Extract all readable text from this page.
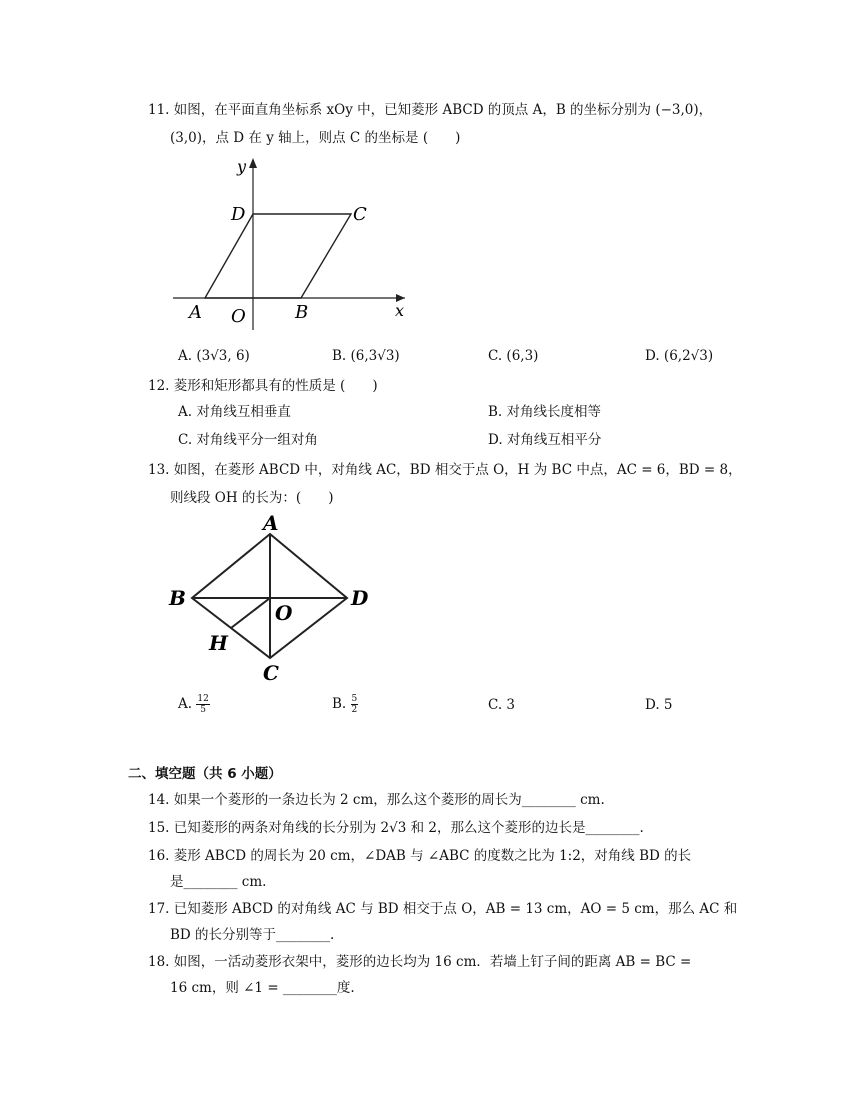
11. 如图，在平面直角坐标系 xOy 中，已知菱形 ABCD 的顶点 A，B 的坐标分别为 (−3,0)，
(3,0)，点 D 在 y 轴上，则点 C 的坐标是 (　　)
y
x
D	C
A O	B
A. (3√3, 6)	B. (6,3√3)	C. (6,3)	D. (6,2√3)
12. 菱形和矩形都具有的性质是 (　　)
A. 对角线互相垂直	B. 对角线长度相等
C. 对角线平分一组对角	D. 对角线互相平分
13. 如图，在菱形 ABCD 中，对角线 AC，BD 相交于点 O，H 为 BC 中点，AC = 6，BD = 8，
则线段 OH 的长为：(　　)
A
B	D
O
H
C
A. $\frac{12}{5}$	B. $\frac{5}{2}$	C. 3	D. 5
二、填空题（共 6 小题）
14. 如果一个菱形的一条边长为 2 cm，那么这个菱形的周长为________ cm.
15. 已知菱形的两条对角线的长分别为 2√3 和 2，那么这个菱形的边长是________.
16. 菱形 ABCD 的周长为 20 cm，∠DAB 与 ∠ABC 的度数之比为 1:2，对角线 BD 的长
是________ cm.
17. 已知菱形 ABCD 的对角线 AC 与 BD 相交于点 O，AB = 13 cm，AO = 5 cm，那么 AC 和
BD 的长分别等于________.
18. 如图，一活动菱形衣架中，菱形的边长均为 16 cm．若墙上钉子间的距离 AB = BC =
16 cm，则 ∠1 = ________度.
